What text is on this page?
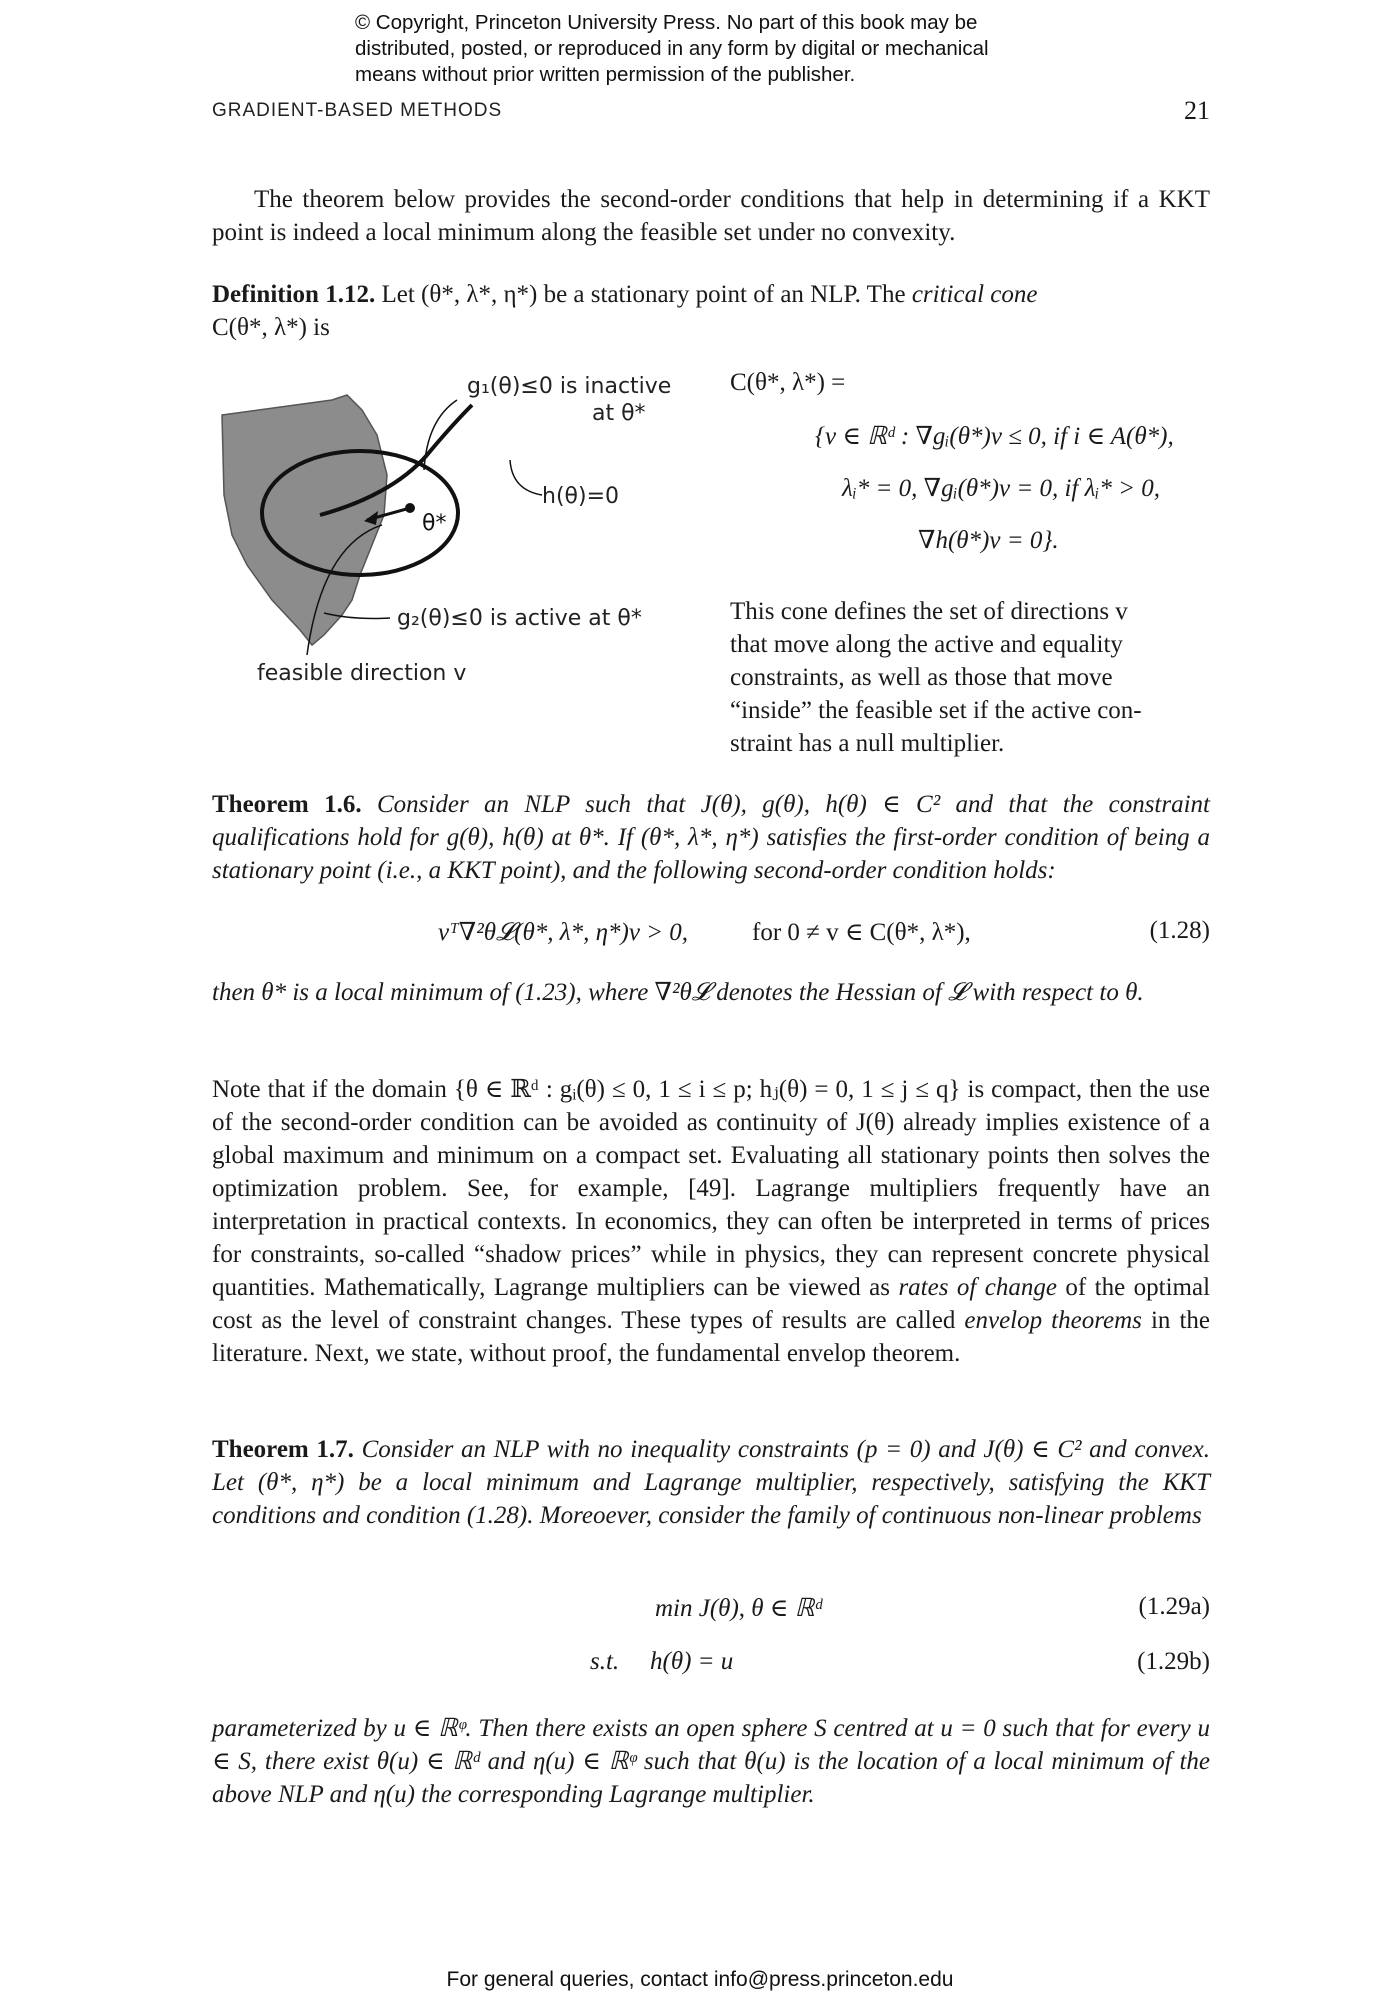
© Copyright, Princeton University Press. No part of this book may be
distributed, posted, or reproduced in any form by digital or mechanical
means without prior written permission of the publisher.
GRADIENT-BASED METHODS	21
The theorem below provides the second-order conditions that help in determining if a KKT point is indeed a local minimum along the feasible set under no convexity.
Definition 1.12. Let (θ*, λ*, η*) be a stationary point of an NLP. The critical cone
C(θ*, λ*) is
g₁(θ)≤0 is inactive
at θ*
h(θ)=0
θ*
g₂(θ)≤0 is active at θ*
feasible direction v
C(θ*, λ*) =
{v ∈ ℝᵈ : ∇gᵢ(θ*)v ≤ 0, if i ∈ A(θ*),
λᵢ* = 0, ∇gᵢ(θ*)v = 0, if λᵢ* > 0,
∇h(θ*)v = 0}.
This cone defines the set of directions v
that move along the active and equality
constraints, as well as those that move
“inside” the feasible set if the active con-
straint has a null multiplier.
Theorem 1.6. Consider an NLP such that J(θ), g(θ), h(θ) ∈ C² and that the constraint qualifications hold for g(θ), h(θ) at θ*. If (θ*, λ*, η*) satisfies the first-order condition of being a stationary point (i.e., a KKT point), and the following second-order condition holds:
vᵀ∇²θ𝓛(θ*, λ*, η*)v > 0,	for 0 ≠ v ∈ C(θ*, λ*),	(1.28)
then θ* is a local minimum of (1.23), where ∇²θ𝓛 denotes the Hessian of 𝓛 with respect to θ.
Note that if the domain {θ ∈ ℝᵈ : gᵢ(θ) ≤ 0, 1 ≤ i ≤ p; hⱼ(θ) = 0, 1 ≤ j ≤ q} is compact, then the use of the second-order condition can be avoided as continuity of J(θ) already implies existence of a global maximum and minimum on a compact set. Evaluating all stationary points then solves the optimization problem. See, for example, [49]. Lagrange multipliers frequently have an interpretation in practical contexts. In economics, they can often be interpreted in terms of prices for constraints, so-called “shadow prices” while in physics, they can represent concrete physical quantities. Mathematically, Lagrange multipliers can be viewed as rates of change of the optimal cost as the level of constraint changes. These types of results are called envelop theorems in the literature. Next, we state, without proof, the fundamental envelop theorem.
Theorem 1.7. Consider an NLP with no inequality constraints (p = 0) and J(θ) ∈ C² and convex. Let (θ*, η*) be a local minimum and Lagrange multiplier, respectively, satisfying the KKT conditions and condition (1.28). Moreoever, consider the family of continuous non-linear problems
min J(θ), θ ∈ ℝᵈ	(1.29a)
s.t. h(θ) = u	(1.29b)
parameterized by u ∈ ℝᵠ. Then there exists an open sphere S centred at u = 0 such that for every u ∈ S, there exist θ(u) ∈ ℝᵈ and η(u) ∈ ℝᵠ such that θ(u) is the location of a local minimum of the above NLP and η(u) the corresponding Lagrange multiplier.
For general queries, contact info@press.princeton.edu
